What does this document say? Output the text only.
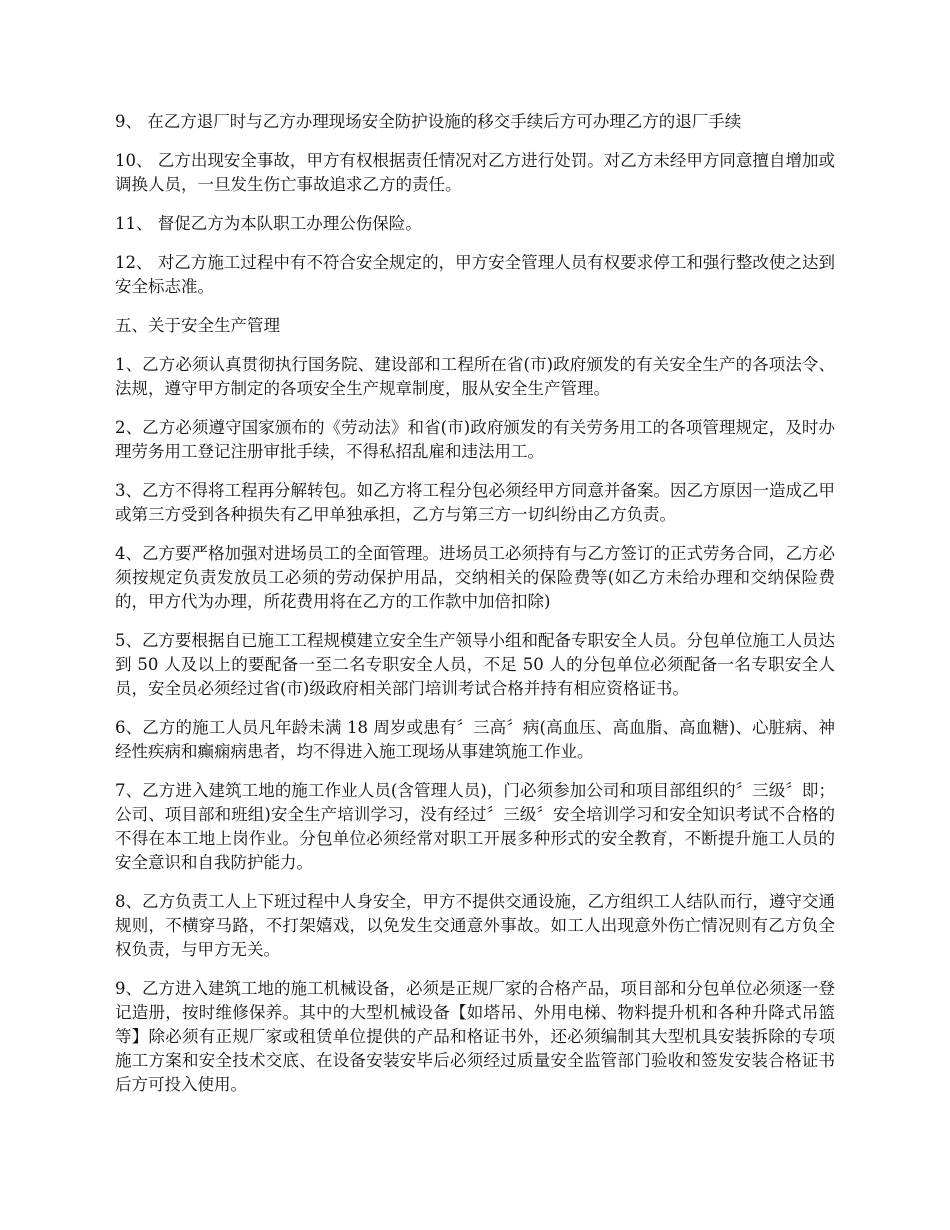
9、 在乙方退厂时与乙方办理现场安全防护设施的移交手续后方可办理乙方的退厂手续

10、 乙方出现安全事故，甲方有权根据责任情况对乙方进行处罚。对乙方未经甲方同意擅自增加或调换人员，一旦发生伤亡事故追求乙方的责任。

11、 督促乙方为本队职工办理公伤保险。

12、 对乙方施工过程中有不符合安全规定的，甲方安全管理人员有权要求停工和强行整改使之达到安全标志准。

五、关于安全生产管理

1、乙方必须认真贯彻执行国务院、建设部和工程所在省(市)政府颁发的有关安全生产的各项法令、法规，遵守甲方制定的各项安全生产规章制度，服从安全生产管理。

2、乙方必须遵守国家颁布的《劳动法》和省(市)政府颁发的有关劳务用工的各项管理规定，及时办理劳务用工登记注册审批手续，不得私招乱雇和违法用工。

3、乙方不得将工程再分解转包。如乙方将工程分包必须经甲方同意并备案。因乙方原因一造成乙甲或第三方受到各种损失有乙甲单独承担，乙方与第三方一切纠纷由乙方负责。

4、乙方要严格加强对进场员工的全面管理。进场员工必须持有与乙方签订的正式劳务合同，乙方必须按规定负责发放员工必须的劳动保护用品，交纳相关的保险费等(如乙方未给办理和交纳保险费的，甲方代为办理，所花费用将在乙方的工作款中加倍扣除)

5、乙方要根据自已施工工程规模建立安全生产领导小组和配备专职安全人员。分包单位施工人员达到 50 人及以上的要配备一至二名专职安全人员，不足 50 人的分包单位必须配备一名专职安全人员，安全员必须经过省(市)级政府相关部门培训考试合格并持有相应资格证书。

6、乙方的施工人员凡年龄未满 18 周岁或患有〞三高〞病(高血压、高血脂、高血糖)、心脏病、神经性疾病和癫痫病患者，均不得进入施工现场从事建筑施工作业。

7、乙方进入建筑工地的施工作业人员(含管理人员)，门必须参加公司和项目部组织的〞三级〞即；公司、项目部和班组)安全生产培训学习，没有经过〞三级〞安全培训学习和安全知识考试不合格的不得在本工地上岗作业。分包单位必须经常对职工开展多种形式的安全教育，不断提升施工人员的安全意识和自我防护能力。

8、乙方负责工人上下班过程中人身安全，甲方不提供交通设施，乙方组织工人结队而行，遵守交通规则，不横穿马路，不打架嬉戏，以免发生交通意外事故。如工人出现意外伤亡情况则有乙方负全权负责，与甲方无关。

9、乙方进入建筑工地的施工机械设备，必须是正规厂家的合格产品，项目部和分包单位必须逐一登记造册，按时维修保养。其中的大型机械设备【如塔吊、外用电梯、物料提升机和各种升降式吊篮等】除必须有正规厂家或租赁单位提供的产品和格证书外，还必须编制其大型机具安装拆除的专项施工方案和安全技术交底、在设备安装安毕后必须经过质量安全监管部门验收和签发安装合格证书后方可投入使用。
